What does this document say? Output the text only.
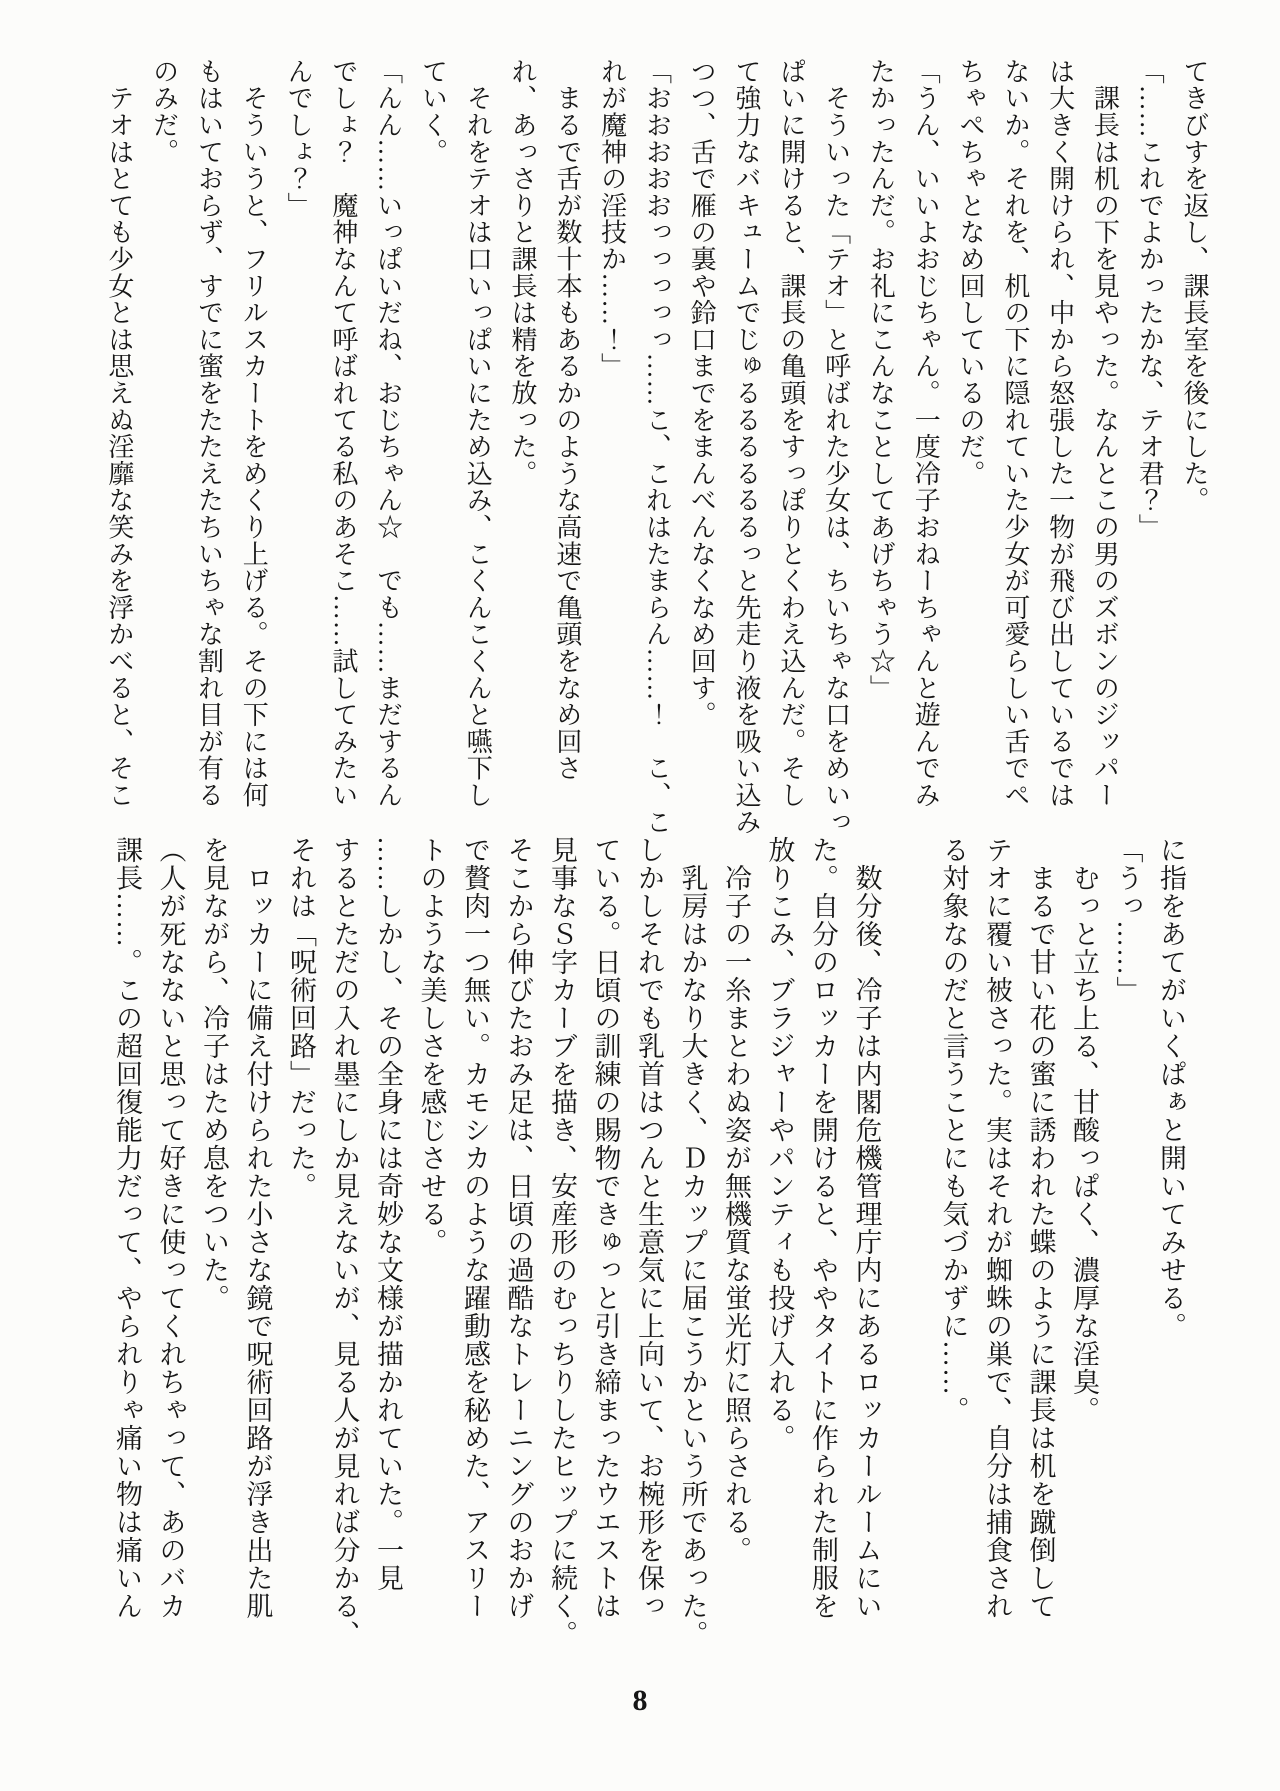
てきびすを返し、課長室を後にした。
「……これでよかったかな、テオ君？」
　課長は机の下を見やった。なんとこの男のズボンのジッパー
は大きく開けられ、中から怒張した一物が飛び出しているでは
ないか。それを、机の下に隠れていた少女が可愛らしい舌でペ
ちゃぺちゃとなめ回しているのだ。
「うん、いいよおじちゃん。一度冷子おねーちゃんと遊んでみ
たかったんだ。お礼にこんなことしてあげちゃう☆」
　そういった「テオ」と呼ばれた少女は、ちいちゃな口をめいっ
ぱいに開けると、課長の亀頭をすっぽりとくわえ込んだ。そし
て強力なバキュームでじゅるるるるるるっと先走り液を吸い込み
つつ、舌で雁の裏や鈴口までをまんべんなくなめ回す。
「おおおおおっっっっっ……こ、これはたまらん……！　こ、こ
れが魔神の淫技か……！」
　まるで舌が数十本もあるかのような高速で亀頭をなめ回さ
れ、あっさりと課長は精を放った。
　それをテオは口いっぱいにため込み、こくんこくんと嚥下し
ていく。
「んん……いっぱいだね、おじちゃん☆　でも……まだするん
でしょ？　魔神なんて呼ばれてる私のあそこ……試してみたい
んでしょ？」
　そういうと、フリルスカートをめくり上げる。その下には何
もはいておらず、すでに蜜をたたえたちいちゃな割れ目が有る
のみだ。
　テオはとても少女とは思えぬ淫靡な笑みを浮かべると、そこ
に指をあてがいくぱぁと開いてみせる。
「うっ……」
　むっと立ち上る、甘酸っぱく、濃厚な淫臭。
　まるで甘い花の蜜に誘われた蝶のように課長は机を蹴倒して
テオに覆い被さった。実はそれが蜘蛛の巣で、自分は捕食され
る対象なのだと言うことにも気づかずに……。

　数分後、冷子は内閣危機管理庁内にあるロッカールームにい
た。自分のロッカーを開けると、ややタイトに作られた制服を
放りこみ、ブラジャーやパンティも投げ入れる。
　冷子の一糸まとわぬ姿が無機質な蛍光灯に照らされる。
　乳房はかなり大きく、Ｄカップに届こうかという所であった。
しかしそれでも乳首はつんと生意気に上向いて、お椀形を保っ
ている。日頃の訓練の賜物できゅっと引き締まったウエストは
見事なＳ字カーブを描き、安産形のむっちりしたヒップに続く。
そこから伸びたおみ足は、日頃の過酷なトレーニングのおかげ
で贅肉一つ無い。カモシカのような躍動感を秘めた、アスリー
トのような美しさを感じさせる。
……しかし、その全身には奇妙な文様が描かれていた。一見
するとただの入れ墨にしか見えないが、見る人が見れば分かる、
それは「呪術回路」だった。
　ロッカーに備え付けられた小さな鏡で呪術回路が浮き出た肌
を見ながら、冷子はため息をついた。
（人が死なないと思って好きに使ってくれちゃって、あのバカ
課長……。この超回復能力だって、やられりゃ痛い物は痛いん
8
